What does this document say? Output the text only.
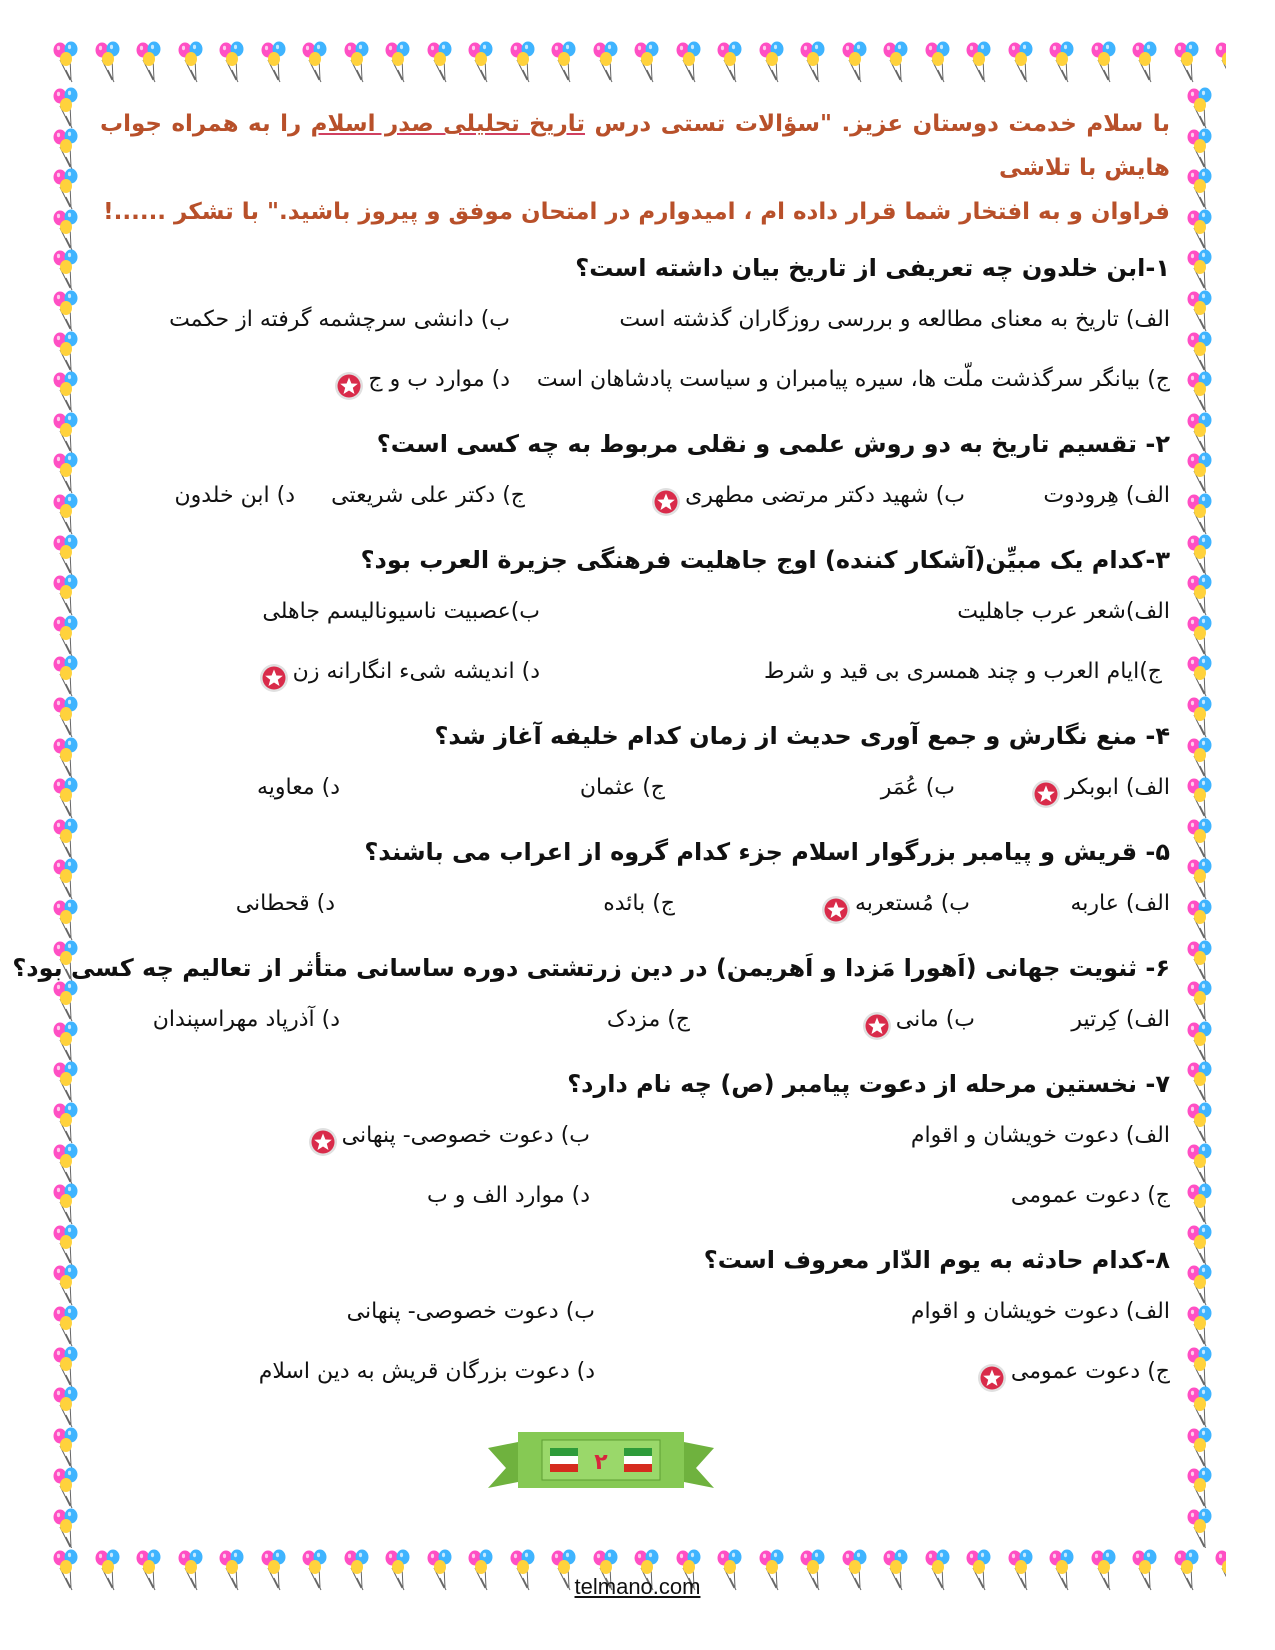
با سلام خدمت دوستان عزیز. "سؤالات تستی درس تاریخ تحلیلی صدر اسلام را به همراه جواب هایش با تلاشی
فراوان و به افتخار شما قرار داده ام ، امیدوارم در امتحان موفق و پیروز باشید." با تشکر ......!
۱-ابن خلدون چه تعریفی از تاریخ بیان داشته است؟
الف) تاریخ به معنای مطالعه و بررسی روزگاران گذشته است
ب) دانشی سرچشمه گرفته از حکمت
ج) بیانگر سرگذشت ملّت ها، سیره پیامبران و سیاست پادشاهان است
د) موارد ب و ج
۲- تقسیم تاریخ به دو روش علمی و نقلی مربوط به چه کسی است؟
الف) هِرودوت
ب) شهید دکتر مرتضی مطهری
ج) دکتر علی شریعتی
د) ابن خلدون
۳-کدام یک مبیِّن(آشکار کننده) اوج جاهلیت فرهنگی جزیرة العرب بود؟
الف)شعر عرب جاهلیت
ب)عصبیت ناسیونالیسم جاهلی
ج)ایام العرب و چند همسری بی قید و شرط
د) اندیشه شیء انگارانه زن
۴- منع نگارش و جمع آوری حدیث از زمان کدام خلیفه آغاز شد؟
الف) ابوبکر
ب) عُمَر
ج) عثمان
د) معاویه
۵- قریش و پیامبر بزرگوار اسلام جزء کدام گروه از اعراب می باشند؟
الف) عاربه
ب) مُستعربه
ج) بائده
د) قحطانی
۶- ثنویت جهانی (اَهورا مَزدا و اَهریمن) در دین زرتشتی دوره ساسانی متأثر از تعالیم چه کسی بود؟
الف) کِرتیر
ب) مانی
ج) مزدک
د) آذرپاد مهراسپندان
۷- نخستین مرحله از دعوت پیامبر (ص) چه نام دارد؟
الف) دعوت خویشان و اقوام
ب) دعوت خصوصی- پنهانی
ج) دعوت عمومی
د) موارد الف و ب
۸-کدام حادثه به یوم الدّار معروف است؟
الف) دعوت خویشان و اقوام
ب) دعوت خصوصی- پنهانی
ج) دعوت عمومی
د) دعوت بزرگان قریش به دین اسلام
۲
telmano.com
